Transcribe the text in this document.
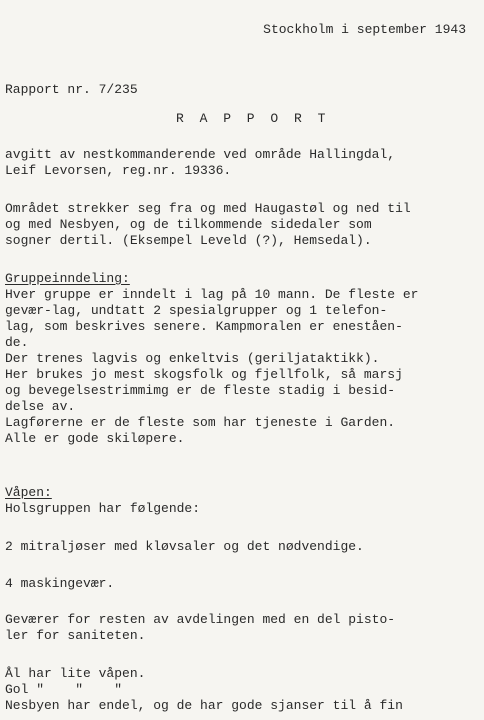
Stockholm i september 1943

Rapport nr. 7/235

R A P P O R T

avgitt av nestkommanderende ved område Hallingdal,

Leif Levorsen, reg.nr. 19336.

Området strekker seg fra og med Haugastøl og ned til

og med Nesbyen, og de tilkommende sidedaler som

sogner dertil. (Eksempel Leveld (?), Hemsedal).

Gruppeinndeling:

Hver gruppe er inndelt i lag på 10 mann. De fleste er

gevær-lag, undtatt 2 spesialgrupper og 1 telefon-

lag, som beskrives senere. Kampmoralen er eneståen-

de.

Der trenes lagvis og enkeltvis (geriljataktikk).

Her brukes jo mest skogsfolk og fjellfolk, så marsj

og bevegelsestrimmimg er de fleste stadig i besid-

delse av.

Lagførerne er de fleste som har tjeneste i Garden.

Alle er gode skiløpere.

Våpen:

Holsgruppen har følgende:

2 mitraljøser med kløvsaler og det nødvendige.

4 maskingevær.

Geværer for resten av avdelingen med en del pisto-

ler for saniteten.

Ål har lite våpen.

Gol "    "    "

Nesbyen har endel, og de har gode sjanser til å fin
